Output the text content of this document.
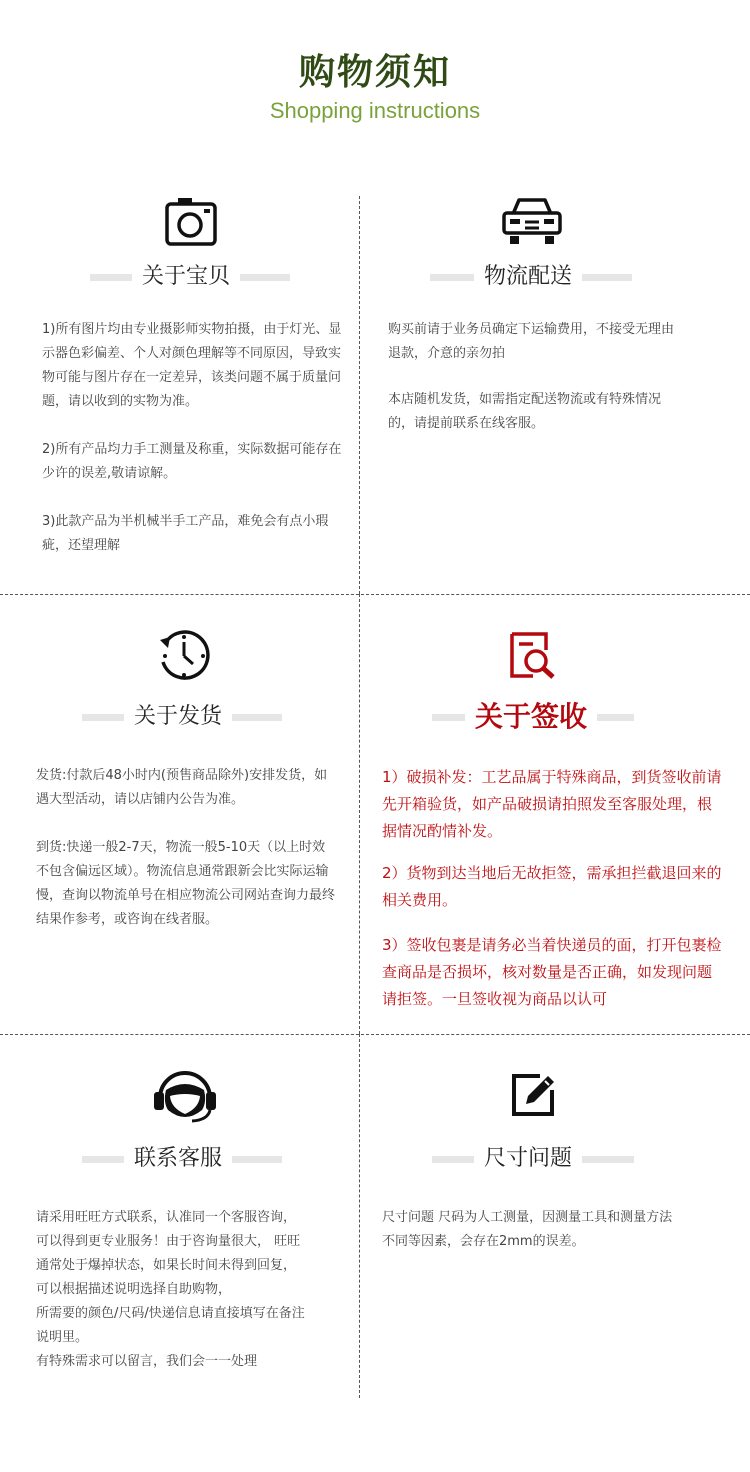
购物须知
Shopping instructions
关于宝贝

1)所有图片均由专业摄影师实物拍摄，由于灯光、显示器色彩偏差、个人对颜色理解等不同原因，导致实物可能与图片存在一定差异，该类问题不属于质量问题，请以收到的实物为准。

2)所有产品均力手工测量及称重，实际数据可能存在少许的误差,敬请谅解。

3)此款产品为半机械半手工产品，难免会有点小瑕疵，还望理解

物流配送

购买前请于业务员确定下运输费用，不接受无理由退款，介意的亲勿拍

本店随机发货，如需指定配送物流或有特殊情况的，请提前联系在线客服。

关于发货

发货:付款后48小时内(预售商品除外)安排发货，如遇大型活动，请以店铺内公告为准。

到货:快递一般2-7天，物流一般5-10天（以上时效不包含偏远区域）。物流信息通常跟新会比实际运输慢，查询以物流单号在相应物流公司网站查询力最终结果作参考，或咨询在线者服。

关于签收

1）破损补发：工艺品属于特殊商品，到货签收前请先开箱验货，如产品破损请拍照发至客服处理，根据情况酌情补发。

2）货物到达当地后无故拒签，需承担拦截退回来的相关费用。

3）签收包裹是请务必当着快递员的面，打开包裹检查商品是否损坏，核对数量是否正确，如发现问题请拒签。一旦签收视为商品以认可

联系客服

请采用旺旺方式联系，认准同一个客服咨询，

可以得到更专业服务！由于咨询量很大， 旺旺

通常处于爆掉状态，如果长时间未得到回复，

可以根据描述说明选择自助购物，

所需要的颜色/尺码/快递信息请直接填写在备注

说明里。

有特殊需求可以留言，我们会一一处理

尺寸问题

尺寸问题 尺码为人工测量，因测量工具和测量方法不同等因素，会存在2mm的误差。
